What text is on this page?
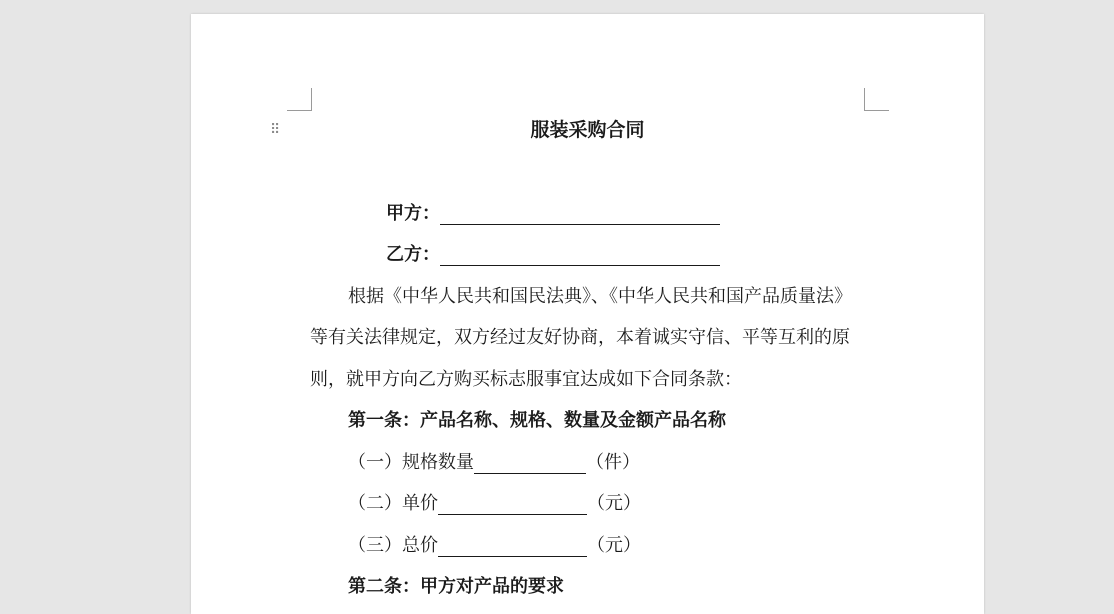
⠿	服装采购合同
甲方：
乙方：
根据《中华人民共和国民法典》、《中华人民共和国产品质量法》
等有关法律规定，双方经过友好协商，本着诚实守信、平等互利的原
则，就甲方向乙方购买标志服事宜达成如下合同条款：
第一条：产品名称、规格、数量及金额产品名称
（一）规格数量	（件）
（二）单价	（元）
（三）总价	（元）
第二条：甲方对产品的要求
